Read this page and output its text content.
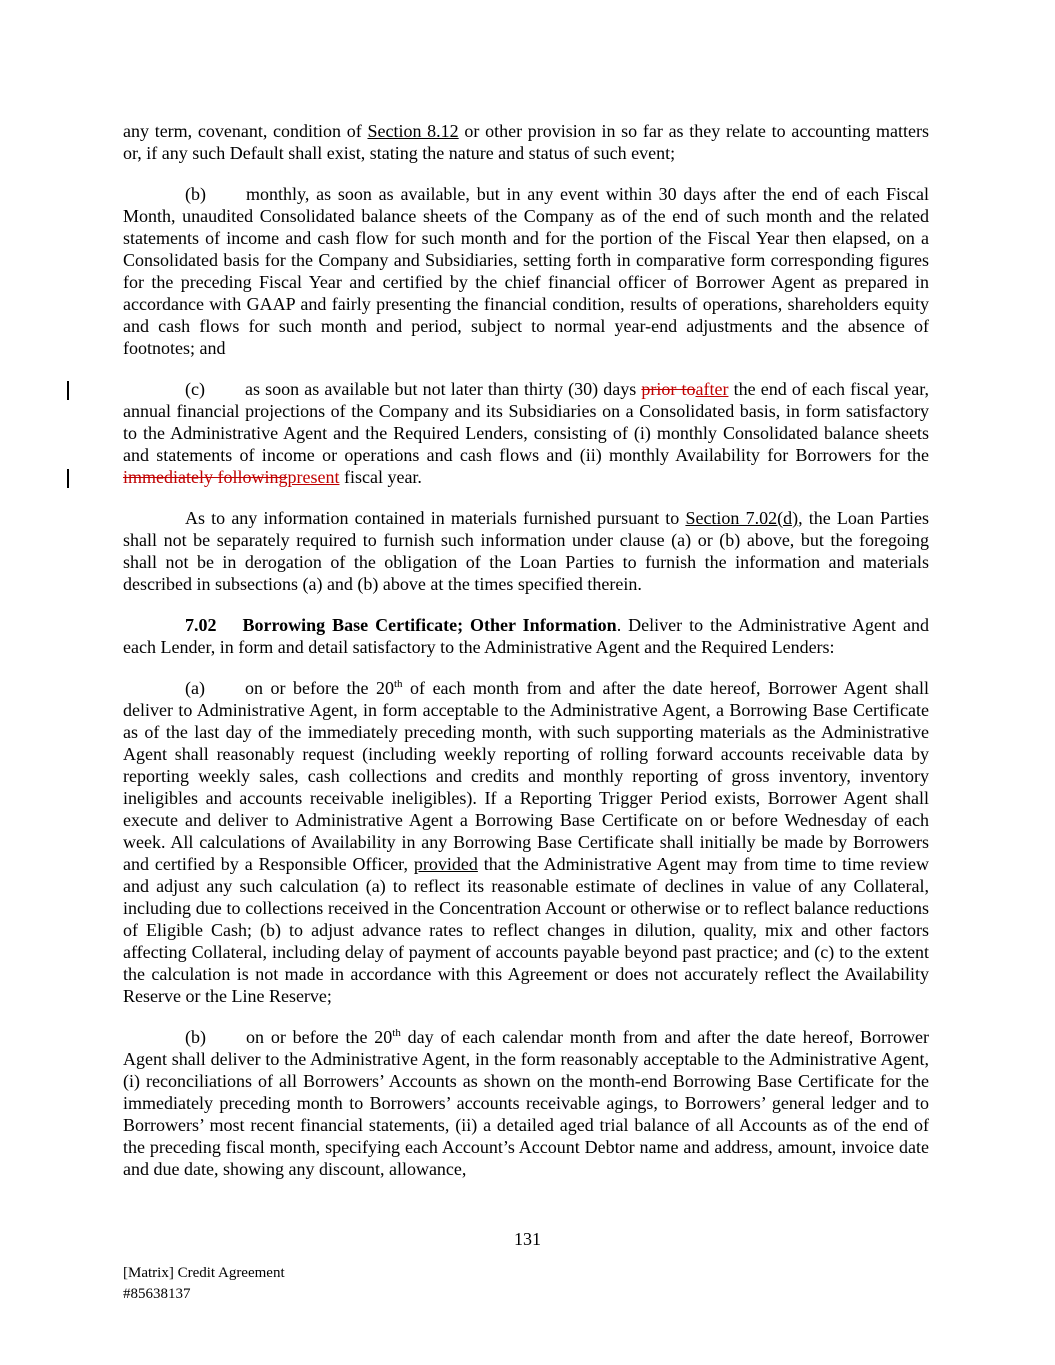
any term, covenant, condition of Section 8.12 or other provision in so far as they relate to accounting matters or, if any such Default shall exist, stating the nature and status of such event;
(b) monthly, as soon as available, but in any event within 30 days after the end of each Fiscal Month, unaudited Consolidated balance sheets of the Company as of the end of such month and the related statements of income and cash flow for such month and for the portion of the Fiscal Year then elapsed, on a Consolidated basis for the Company and Subsidiaries, setting forth in comparative form corresponding figures for the preceding Fiscal Year and certified by the chief financial officer of Borrower Agent as prepared in accordance with GAAP and fairly presenting the financial condition, results of operations, shareholders equity and cash flows for such month and period, subject to normal year-end adjustments and the absence of footnotes; and
(c) as soon as available but not later than thirty (30) days prior toafter the end of each fiscal year, annual financial projections of the Company and its Subsidiaries on a Consolidated basis, in form satisfactory to the Administrative Agent and the Required Lenders, consisting of (i) monthly Consolidated balance sheets and statements of income or operations and cash flows and (ii) monthly Availability for Borrowers for the immediately followingpresent fiscal year.
As to any information contained in materials furnished pursuant to Section 7.02(d), the Loan Parties shall not be separately required to furnish such information under clause (a) or (b) above, but the foregoing shall not be in derogation of the obligation of the Loan Parties to furnish the information and materials described in subsections (a) and (b) above at the times specified therein.
7.02 Borrowing Base Certificate; Other Information. Deliver to the Administrative Agent and each Lender, in form and detail satisfactory to the Administrative Agent and the Required Lenders:
(a) on or before the 20th of each month from and after the date hereof, Borrower Agent shall deliver to Administrative Agent, in form acceptable to the Administrative Agent, a Borrowing Base Certificate as of the last day of the immediately preceding month, with such supporting materials as the Administrative Agent shall reasonably request (including weekly reporting of rolling forward accounts receivable data by reporting weekly sales, cash collections and credits and monthly reporting of gross inventory, inventory ineligibles and accounts receivable ineligibles). If a Reporting Trigger Period exists, Borrower Agent shall execute and deliver to Administrative Agent a Borrowing Base Certificate on or before Wednesday of each week. All calculations of Availability in any Borrowing Base Certificate shall initially be made by Borrowers and certified by a Responsible Officer, provided that the Administrative Agent may from time to time review and adjust any such calculation (a) to reflect its reasonable estimate of declines in value of any Collateral, including due to collections received in the Concentration Account or otherwise or to reflect balance reductions of Eligible Cash; (b) to adjust advance rates to reflect changes in dilution, quality, mix and other factors affecting Collateral, including delay of payment of accounts payable beyond past practice; and (c) to the extent the calculation is not made in accordance with this Agreement or does not accurately reflect the Availability Reserve or the Line Reserve;
(b) on or before the 20th day of each calendar month from and after the date hereof, Borrower Agent shall deliver to the Administrative Agent, in the form reasonably acceptable to the Administrative Agent, (i) reconciliations of all Borrowers’ Accounts as shown on the month-end Borrowing Base Certificate for the immediately preceding month to Borrowers’ accounts receivable agings, to Borrowers’ general ledger and to Borrowers’ most recent financial statements, (ii) a detailed aged trial balance of all Accounts as of the end of the preceding fiscal month, specifying each Account’s Account Debtor name and address, amount, invoice date and due date, showing any discount, allowance,
131
[Matrix] Credit Agreement
#85638137
